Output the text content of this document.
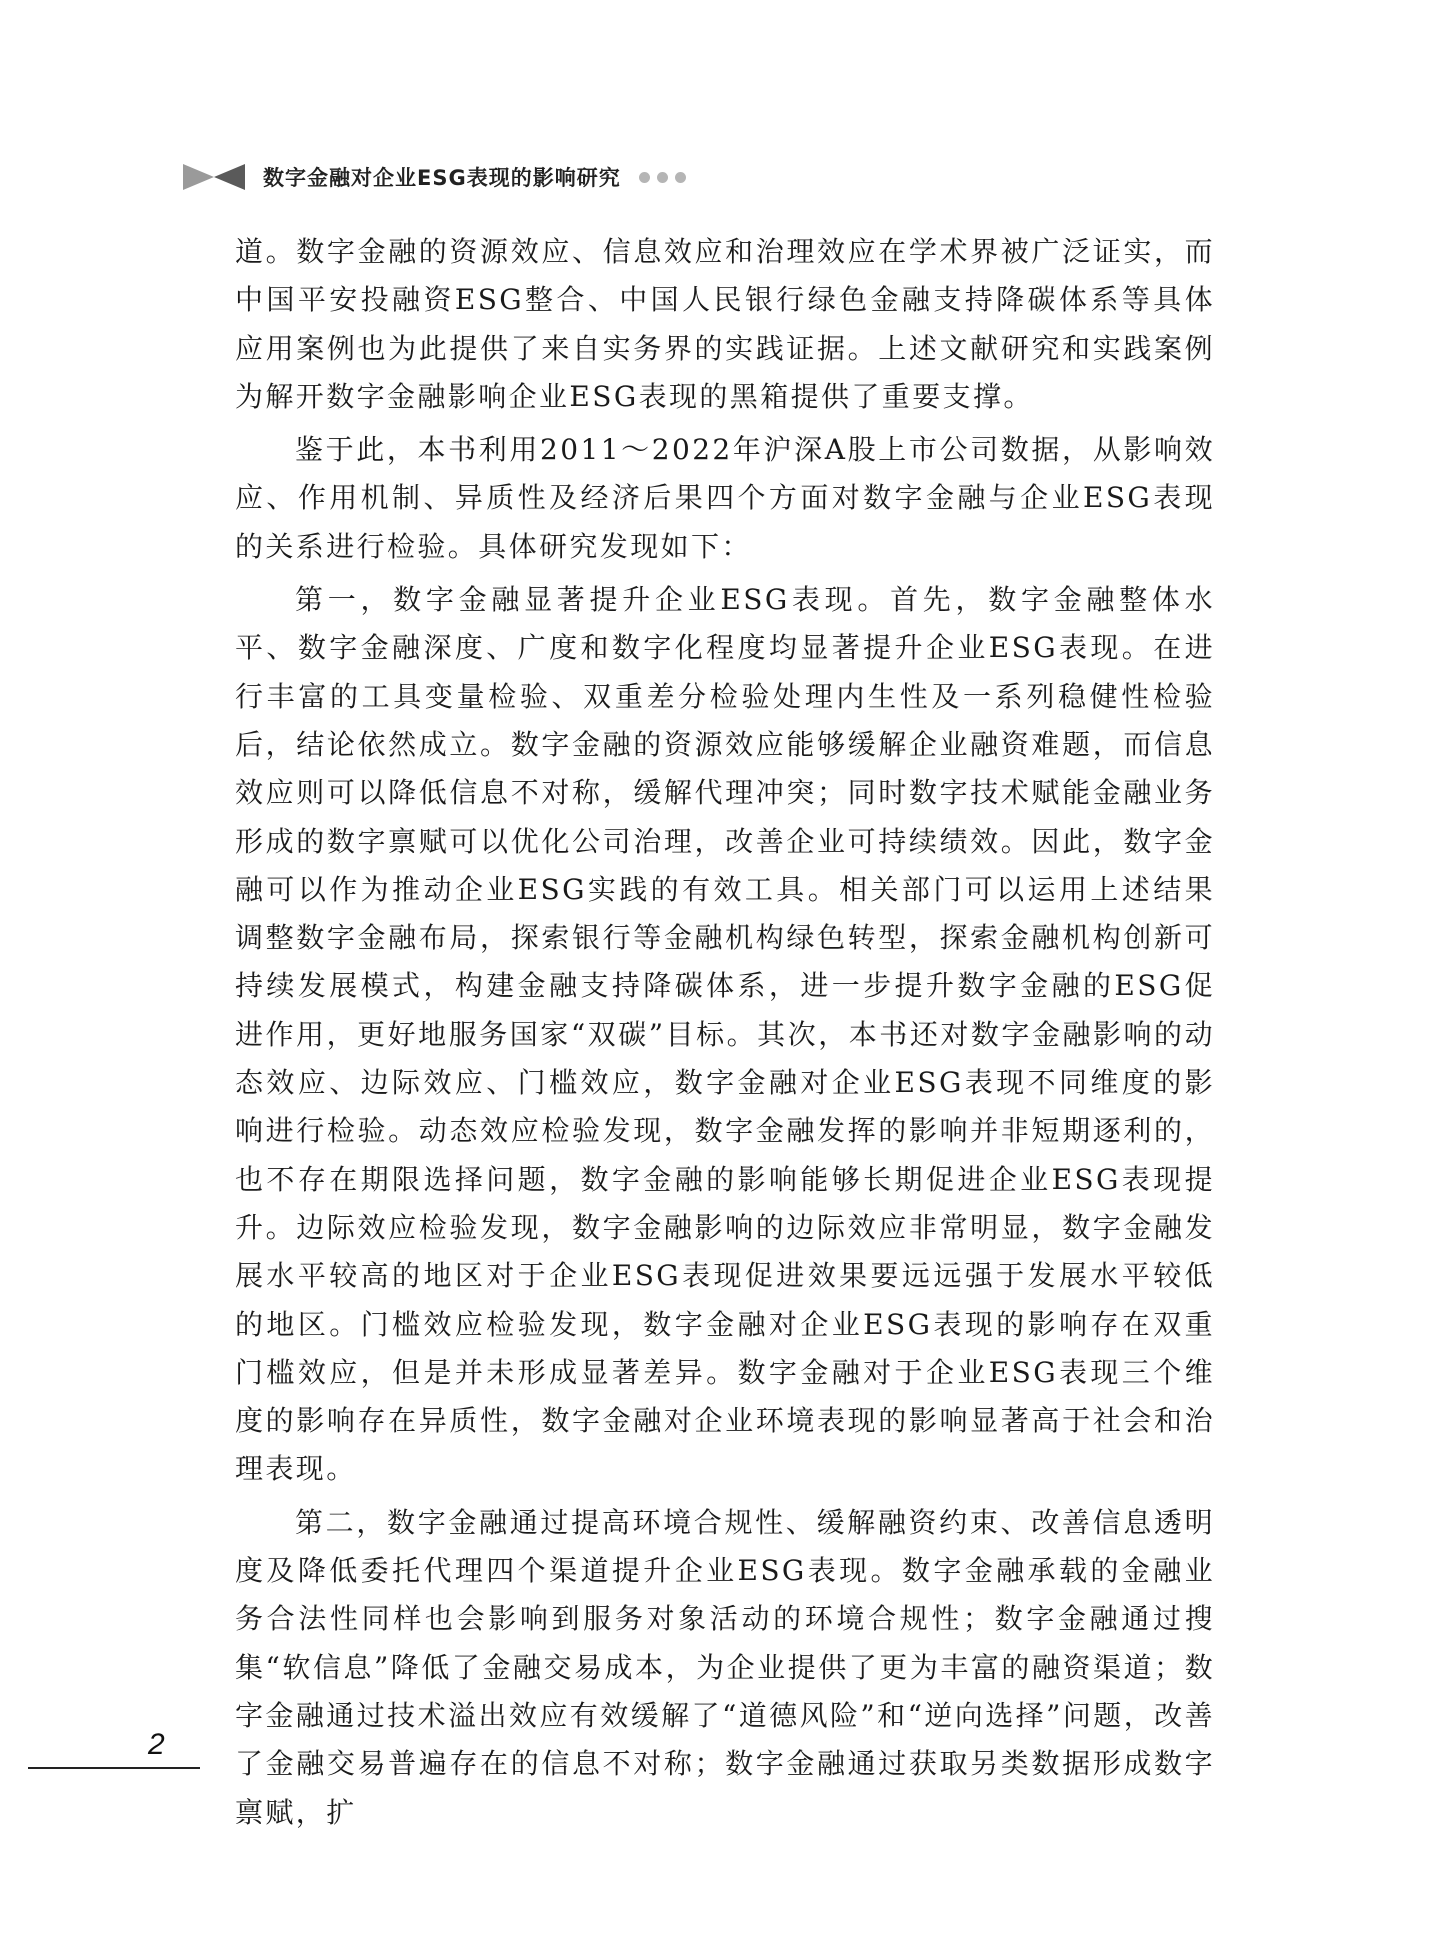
数字金融对企业ESG表现的影响研究

道。数字金融的资源效应、信息效应和治理效应在学术界被广泛证实，而中国平安投融资ESG整合、中国人民银行绿色金融支持降碳体系等具体应用案例也为此提供了来自实务界的实践证据。上述文献研究和实践案例为解开数字金融影响企业ESG表现的黑箱提供了重要支撑。

鉴于此，本书利用2011～2022年沪深A股上市公司数据，从影响效应、作用机制、异质性及经济后果四个方面对数字金融与企业ESG表现的关系进行检验。具体研究发现如下：

第一，数字金融显著提升企业ESG表现。首先，数字金融整体水平、数字金融深度、广度和数字化程度均显著提升企业ESG表现。在进行丰富的工具变量检验、双重差分检验处理内生性及一系列稳健性检验后，结论依然成立。数字金融的资源效应能够缓解企业融资难题，而信息效应则可以降低信息不对称，缓解代理冲突；同时数字技术赋能金融业务形成的数字禀赋可以优化公司治理，改善企业可持续绩效。因此，数字金融可以作为推动企业ESG实践的有效工具。相关部门可以运用上述结果调整数字金融布局，探索银行等金融机构绿色转型，探索金融机构创新可持续发展模式，构建金融支持降碳体系，进一步提升数字金融的ESG促进作用，更好地服务国家“双碳”目标。其次，本书还对数字金融影响的动态效应、边际效应、门槛效应，数字金融对企业ESG表现不同维度的影响进行检验。动态效应检验发现，数字金融发挥的影响并非短期逐利的，也不存在期限选择问题，数字金融的影响能够长期促进企业ESG表现提升。边际效应检验发现，数字金融影响的边际效应非常明显，数字金融发展水平较高的地区对于企业ESG表现促进效果要远远强于发展水平较低的地区。门槛效应检验发现，数字金融对企业ESG表现的影响存在双重门槛效应，但是并未形成显著差异。数字金融对于企业ESG表现三个维度的影响存在异质性，数字金融对企业环境表现的影响显著高于社会和治理表现。

第二，数字金融通过提高环境合规性、缓解融资约束、改善信息透明度及降低委托代理四个渠道提升企业ESG表现。数字金融承载的金融业务合法性同样也会影响到服务对象活动的环境合规性；数字金融通过搜集“软信息”降低了金融交易成本，为企业提供了更为丰富的融资渠道；数字金融通过技术溢出效应有效缓解了“道德风险”和“逆向选择”问题，改善了金融交易普遍存在的信息不对称；数字金融通过获取另类数据形成数字禀赋，扩

2
